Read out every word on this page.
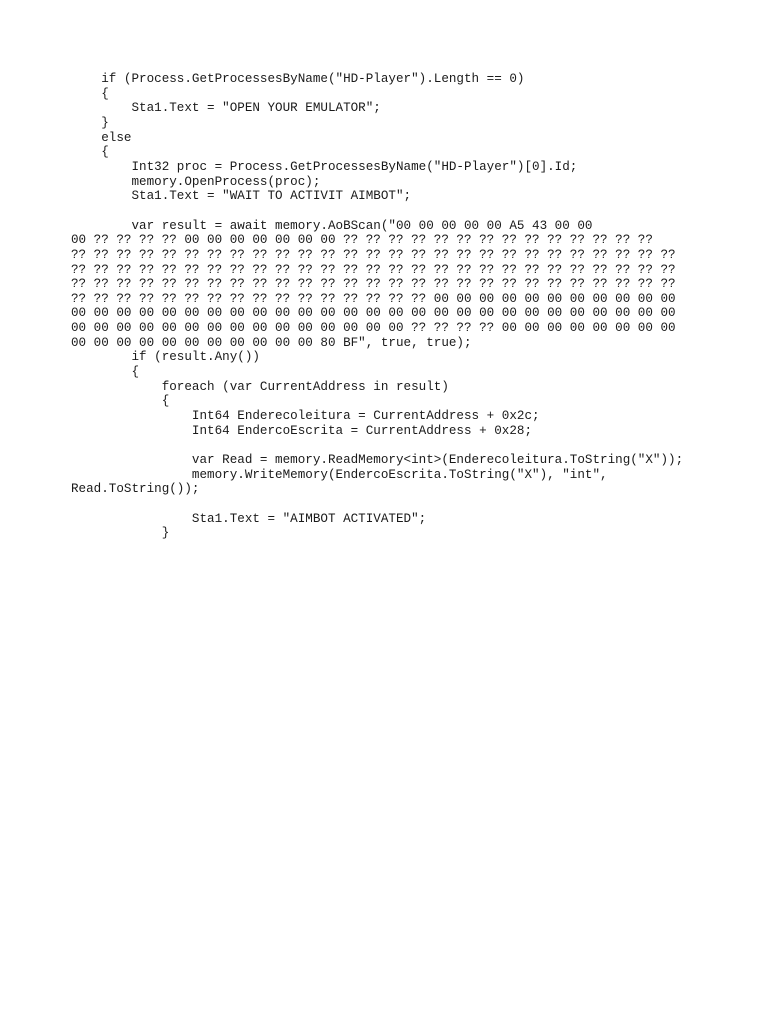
if (Process.GetProcessesByName("HD-Player").Length == 0)
{
Sta1.Text = "OPEN YOUR EMULATOR";
}
else
{
Int32 proc = Process.GetProcessesByName("HD-Player")[0].Id;
memory.OpenProcess(proc);
Sta1.Text = "WAIT TO ACTIVIT AIMBOT";
var result = await memory.AoBScan("00 00 00 00 00 A5 43 00 00
00 ?? ?? ?? ?? 00 00 00 00 00 00 00 ?? ?? ?? ?? ?? ?? ?? ?? ?? ?? ?? ?? ?? ??
?? ?? ?? ?? ?? ?? ?? ?? ?? ?? ?? ?? ?? ?? ?? ?? ?? ?? ?? ?? ?? ?? ?? ?? ?? ?? ??
?? ?? ?? ?? ?? ?? ?? ?? ?? ?? ?? ?? ?? ?? ?? ?? ?? ?? ?? ?? ?? ?? ?? ?? ?? ?? ??
?? ?? ?? ?? ?? ?? ?? ?? ?? ?? ?? ?? ?? ?? ?? ?? ?? ?? ?? ?? ?? ?? ?? ?? ?? ?? ??
?? ?? ?? ?? ?? ?? ?? ?? ?? ?? ?? ?? ?? ?? ?? ?? 00 00 00 00 00 00 00 00 00 00 00
00 00 00 00 00 00 00 00 00 00 00 00 00 00 00 00 00 00 00 00 00 00 00 00 00 00 00
00 00 00 00 00 00 00 00 00 00 00 00 00 00 00 ?? ?? ?? ?? 00 00 00 00 00 00 00 00
00 00 00 00 00 00 00 00 00 00 00 80 BF", true, true);
if (result.Any())
{
foreach (var CurrentAddress in result)
{
Int64 Enderecoleitura = CurrentAddress + 0x2c;
Int64 EndercoEscrita = CurrentAddress + 0x28;
var Read = memory.ReadMemory<int>(Enderecoleitura.ToString("X"));
memory.WriteMemory(EndercoEscrita.ToString("X"), "int",
Read.ToString());
Sta1.Text = "AIMBOT ACTIVATED";
}
